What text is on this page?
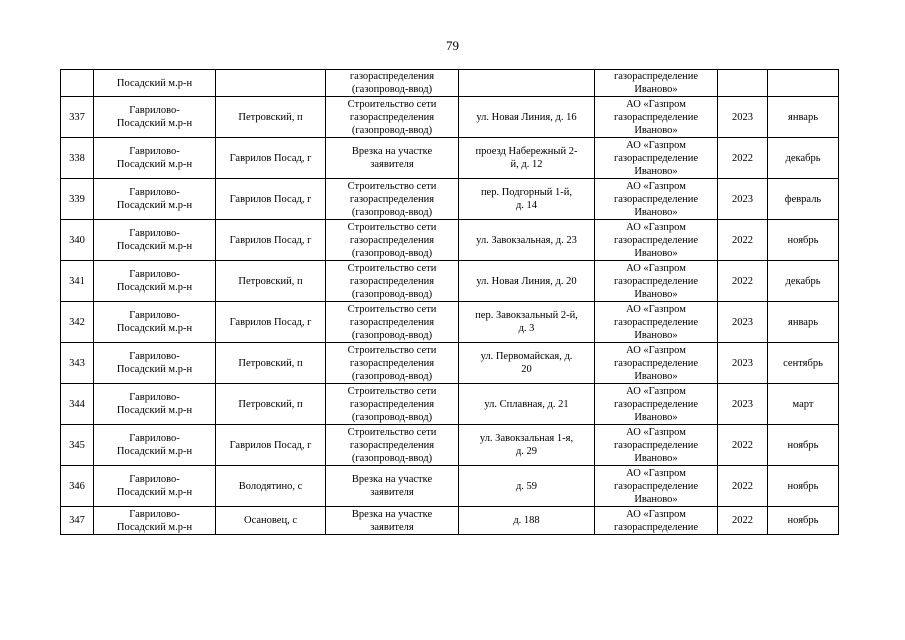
79

	Посадский м.р-н		газораспределения
(газопровод-ввод)		газораспределение
Иваново»		

337	Гаврилово-
Посадский м.р-н	Петровский, п	Строительство сети
газораспределения
(газопровод-ввод)	ул. Новая Линия, д. 16	АО «Газпром
газораспределение
Иваново»	2023	январь

338	Гаврилово-
Посадский м.р-н	Гаврилов Посад, г	Врезка на участке
заявителя	проезд Набережный 2-
й, д. 12	АО «Газпром
газораспределение
Иваново»	2022	декабрь

339	Гаврилово-
Посадский м.р-н	Гаврилов Посад, г	Строительство сети
газораспределения
(газопровод-ввод)	пер. Подгорный 1-й,
д. 14	АО «Газпром
газораспределение
Иваново»	2023	февраль

340	Гаврилово-
Посадский м.р-н	Гаврилов Посад, г	Строительство сети
газораспределения
(газопровод-ввод)	ул. Завокзальная, д. 23	АО «Газпром
газораспределение
Иваново»	2022	ноябрь

341	Гаврилово-
Посадский м.р-н	Петровский, п	Строительство сети
газораспределения
(газопровод-ввод)	ул. Новая Линия, д. 20	АО «Газпром
газораспределение
Иваново»	2022	декабрь

342	Гаврилово-
Посадский м.р-н	Гаврилов Посад, г	Строительство сети
газораспределения
(газопровод-ввод)	пер. Завокзальный 2-й,
д. 3	АО «Газпром
газораспределение
Иваново»	2023	январь

343	Гаврилово-
Посадский м.р-н	Петровский, п	Строительство сети
газораспределения
(газопровод-ввод)	ул. Первомайская, д.
20	АО «Газпром
газораспределение
Иваново»	2023	сентябрь

344	Гаврилово-
Посадский м.р-н	Петровский, п	Строительство сети
газораспределения
(газопровод-ввод)	ул. Сплавная, д. 21	АО «Газпром
газораспределение
Иваново»	2023	март

345	Гаврилово-
Посадский м.р-н	Гаврилов Посад, г	Строительство сети
газораспределения
(газопровод-ввод)	ул. Завокзальная 1-я,
д. 29	АО «Газпром
газораспределение
Иваново»	2022	ноябрь

346	Гаврилово-
Посадский м.р-н	Володятино, с	Врезка на участке
заявителя	д. 59	АО «Газпром
газораспределение
Иваново»	2022	ноябрь

347	Гаврилово-
Посадский м.р-н	Осановец, с	Врезка на участке
заявителя	д. 188	АО «Газпром
газораспределение	2022	ноябрь
